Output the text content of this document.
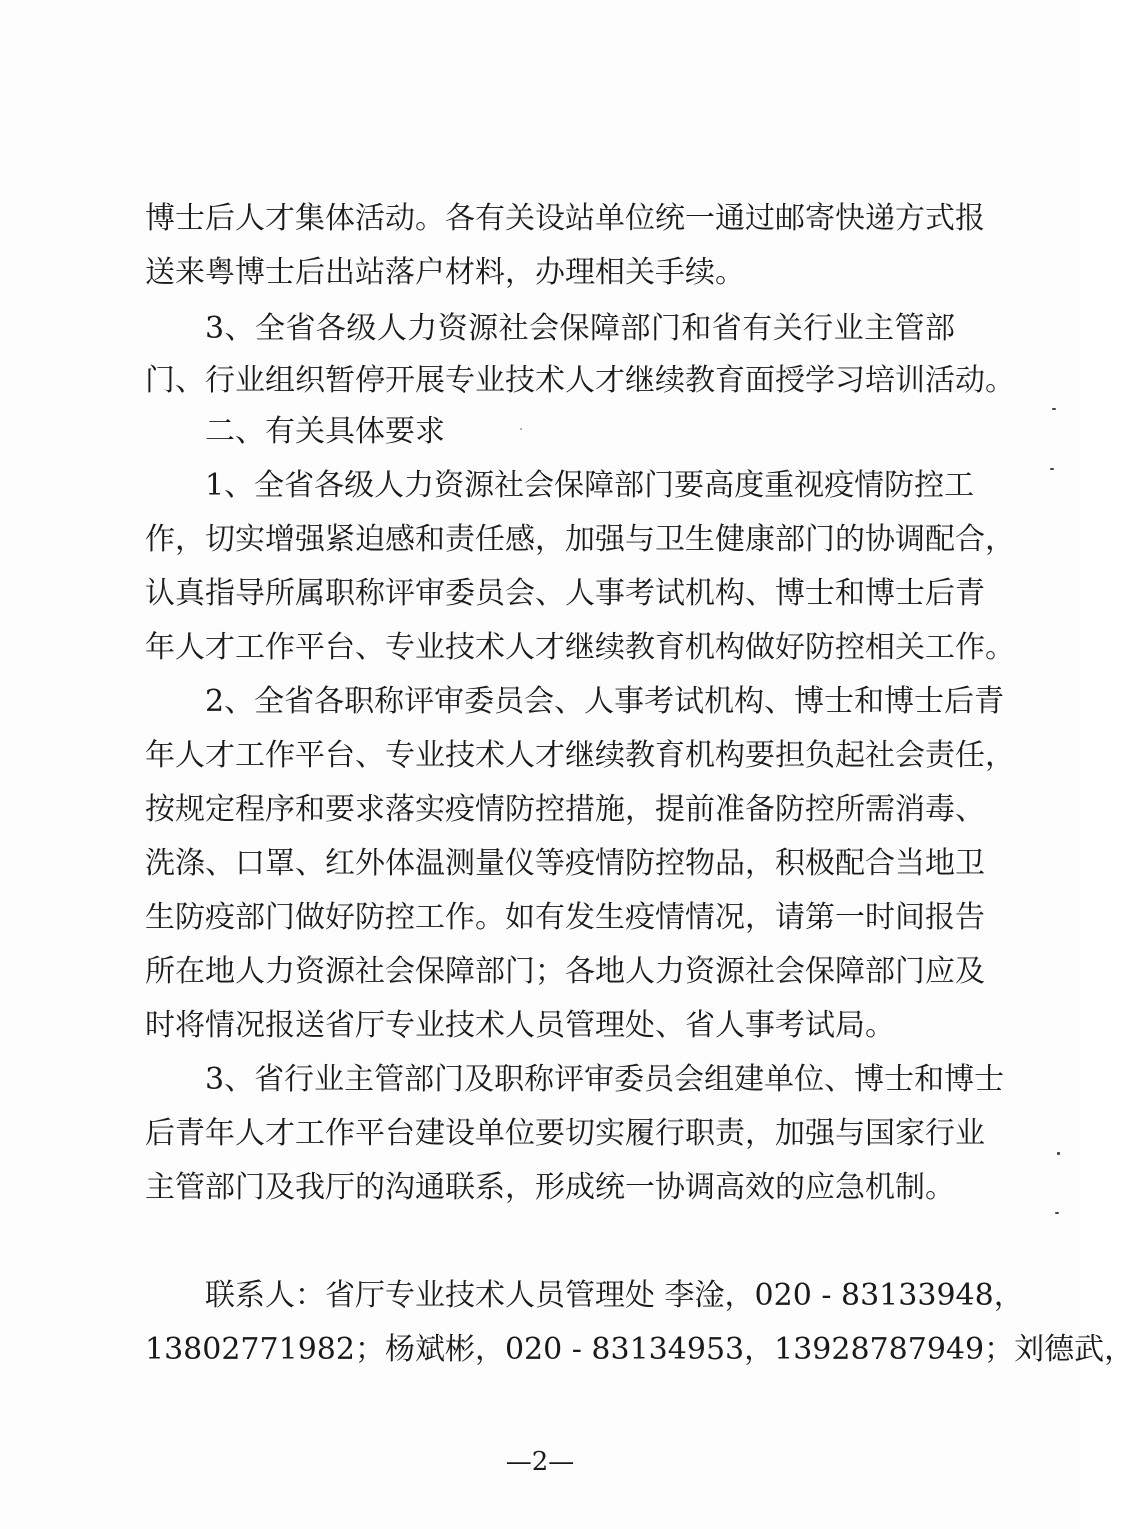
博士后人才集体活动。各有关设站单位统一通过邮寄快递方式报
送来粤博士后出站落户材料，办理相关手续。
3、全省各级人力资源社会保障部门和省有关行业主管部
门、行业组织暂停开展专业技术人才继续教育面授学习培训活动。
二、有关具体要求
1、全省各级人力资源社会保障部门要高度重视疫情防控工
作，切实增强紧迫感和责任感，加强与卫生健康部门的协调配合，
认真指导所属职称评审委员会、人事考试机构、博士和博士后青
年人才工作平台、专业技术人才继续教育机构做好防控相关工作。
2、全省各职称评审委员会、人事考试机构、博士和博士后青
年人才工作平台、专业技术人才继续教育机构要担负起社会责任，
按规定程序和要求落实疫情防控措施，提前准备防控所需消毒、
洗涤、口罩、红外体温测量仪等疫情防控物品，积极配合当地卫
生防疫部门做好防控工作。如有发生疫情情况，请第一时间报告
所在地人力资源社会保障部门；各地人力资源社会保障部门应及
时将情况报送省厅专业技术人员管理处、省人事考试局。
3、省行业主管部门及职称评审委员会组建单位、博士和博士
后青年人才工作平台建设单位要切实履行职责，加强与国家行业
主管部门及我厅的沟通联系，形成统一协调高效的应急机制。
联系人：省厅专业技术人员管理处 李淦，020 - 83133948，
13802771982；杨斌彬，020 - 83134953，13928787949；刘德武，
—2—
